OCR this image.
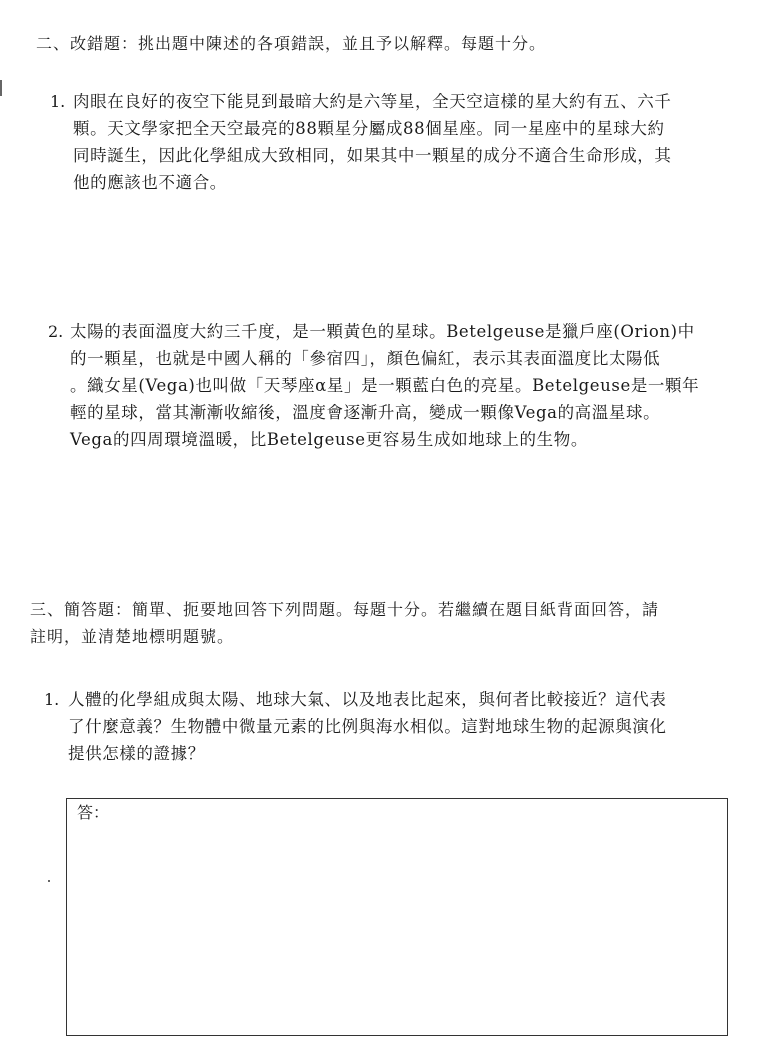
二、改錯題：挑出題中陳述的各項錯誤，並且予以解釋。每題十分。
1. 肉眼在良好的夜空下能見到最暗大約是六等星，全天空這樣的星大約有五、六千
顆。天文學家把全天空最亮的88顆星分屬成88個星座。同一星座中的星球大約
同時誕生，因此化學組成大致相同，如果其中一顆星的成分不適合生命形成，其
他的應該也不適合。
2. 太陽的表面溫度大約三千度，是一顆黃色的星球。Betelgeuse是獵戶座(Orion)中
的一顆星，也就是中國人稱的「參宿四」，顏色偏紅，表示其表面溫度比太陽低
。織女星(Vega)也叫做「天琴座α星」是一顆藍白色的亮星。Betelgeuse是一顆年
輕的星球，當其漸漸收縮後，溫度會逐漸升高，變成一顆像Vega的高溫星球。
Vega的四周環境溫暖，比Betelgeuse更容易生成如地球上的生物。
三、簡答題：簡單、扼要地回答下列問題。每題十分。若繼續在題目紙背面回答，請
註明，並清楚地標明題號。
1. 人體的化學組成與太陽、地球大氣、以及地表比起來，與何者比較接近？這代表
了什麼意義？生物體中微量元素的比例與海水相似。這對地球生物的起源與演化
提供怎樣的證據？
答：
